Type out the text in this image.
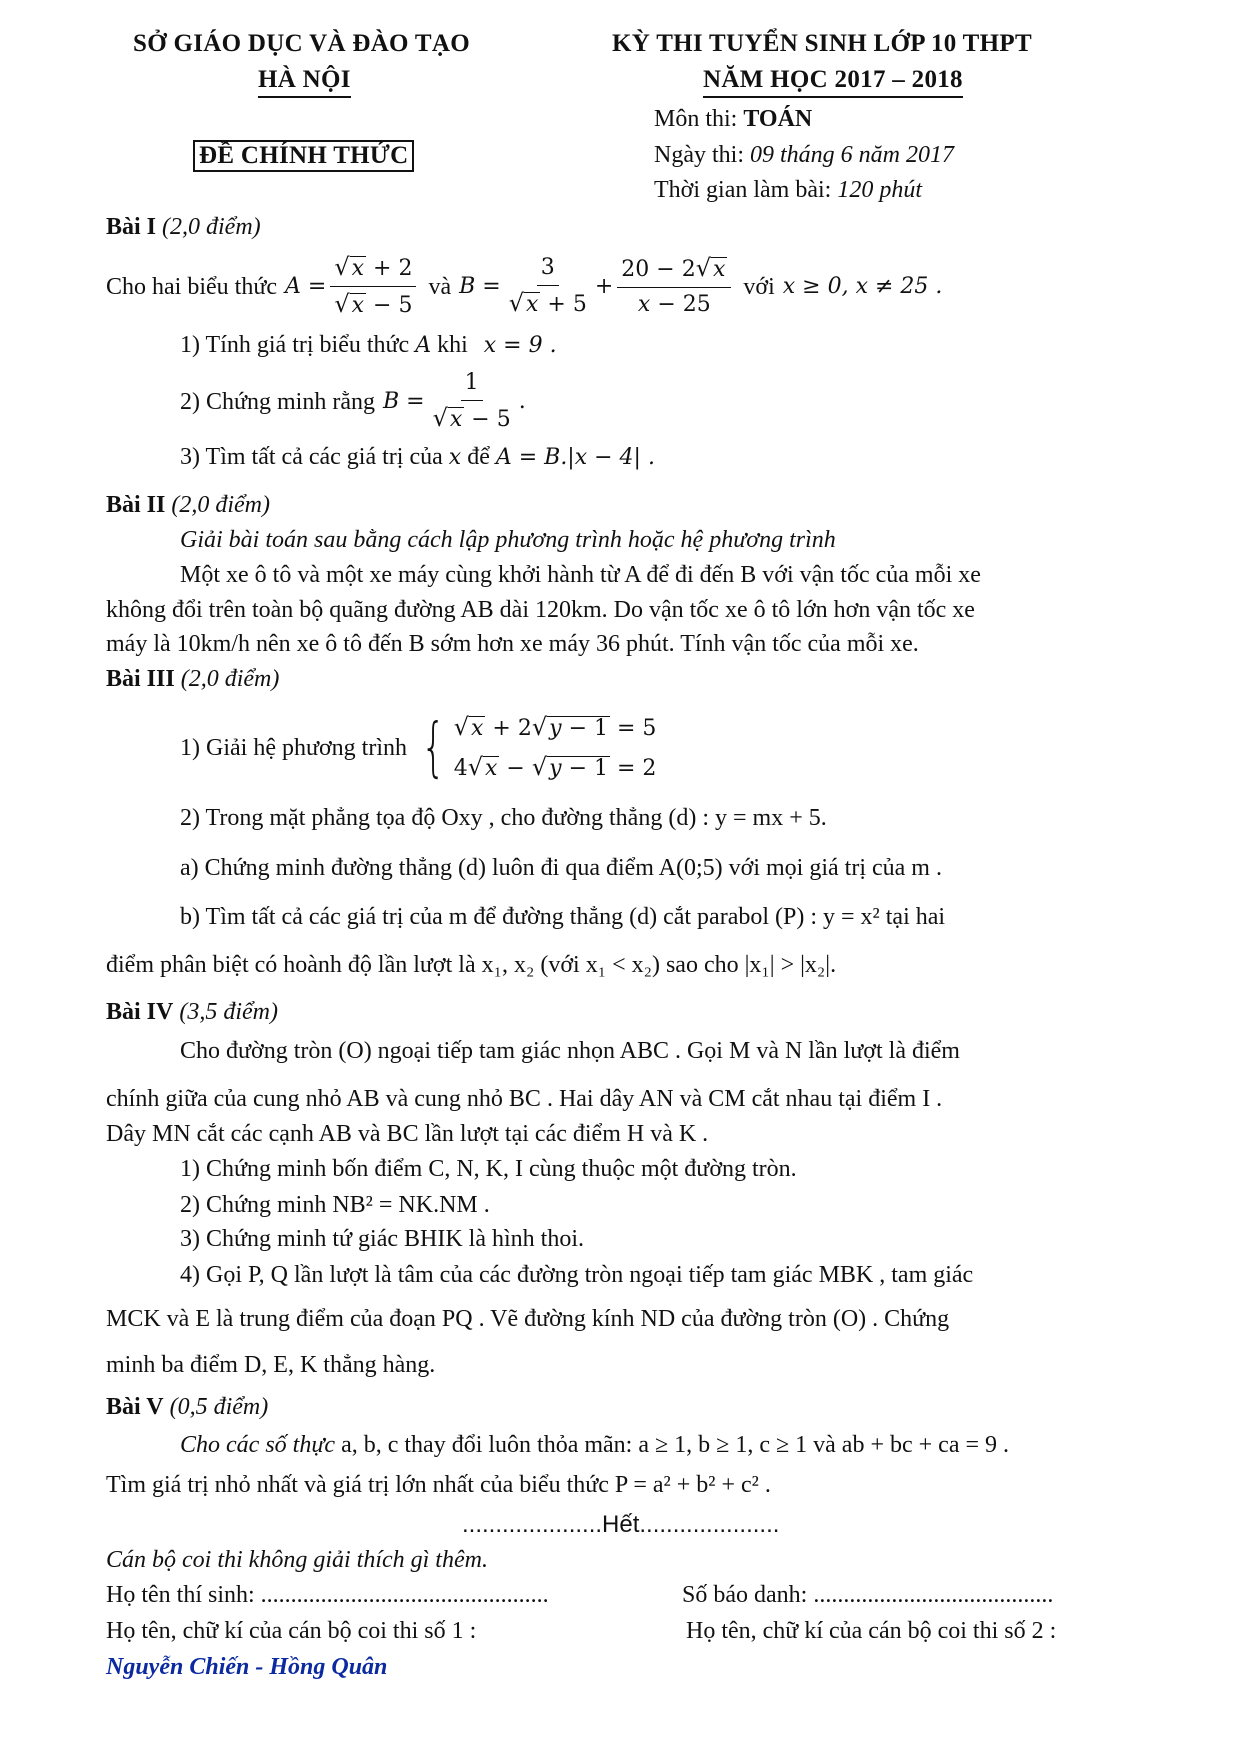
SỞ GIÁO DỤC VÀ ĐÀO TẠO
HÀ NỘI
KỲ THI TUYỂN SINH LỚP 10 THPT
NĂM HỌC 2017 – 2018
ĐỀ CHÍNH THỨC
Môn thi: TOÁN
Ngày thi: 09 tháng 6 năm 2017
Thời gian làm bài: 120 phút
Bài I (2,0 điểm)
Cho hai biểu thức $A = \frac{√x + 2}{√x - 5}$ và $B = \frac{3}{√x + 5} + \frac{20 - 2√x}{x - 25}$ với x ≥ 0, x ≠ 25 .
1) Tính giá trị biểu thức A khi x = 9 .
2) Chứng minh rằng $B = \frac{1}{√x - 5}$ .
3) Tìm tất cả các giá trị của x để A = B.|x − 4| .
Bài II (2,0 điểm)
Giải bài toán sau bằng cách lập phương trình hoặc hệ phương trình
Một xe ô tô và một xe máy cùng khởi hành từ A để đi đến B với vận tốc của mỗi xe
không đổi trên toàn bộ quãng đường AB dài 120km. Do vận tốc xe ô tô lớn hơn vận tốc xe
máy là 10km/h nên xe ô tô đến B sớm hơn xe máy 36 phút. Tính vận tốc của mỗi xe.
Bài III (2,0 điểm)
1) Giải hệ phương trình { √x + 2√y − 1 = 5
4√x − √y − 1 = 2
2) Trong mặt phẳng tọa độ Oxy , cho đường thẳng (d) : y = mx + 5.
a) Chứng minh đường thẳng (d) luôn đi qua điểm A(0;5) với mọi giá trị của m .
b) Tìm tất cả các giá trị của m để đường thẳng (d) cắt parabol (P) : y = x² tại hai
điểm phân biệt có hoành độ lần lượt là x₁, x₂ (với x₁ < x₂) sao cho |x₁| > |x₂|.
Bài IV (3,5 điểm)
Cho đường tròn (O) ngoại tiếp tam giác nhọn ABC . Gọi M và N lần lượt là điểm
chính giữa của cung nhỏ AB và cung nhỏ BC . Hai dây AN và CM cắt nhau tại điểm I .
Dây MN cắt các cạnh AB và BC lần lượt tại các điểm H và K .
1) Chứng minh bốn điểm C, N, K, I cùng thuộc một đường tròn.
2) Chứng minh NB² = NK.NM .
3) Chứng minh tứ giác BHIK là hình thoi.
4) Gọi P, Q lần lượt là tâm của các đường tròn ngoại tiếp tam giác MBK , tam giác
MCK và E là trung điểm của đoạn PQ . Vẽ đường kính ND của đường tròn (O) . Chứng
minh ba điểm D, E, K thẳng hàng.
Bài V (0,5 điểm)
Cho các số thực a, b, c thay đổi luôn thỏa mãn: a ≥ 1, b ≥ 1, c ≥ 1 và ab + bc + ca = 9 .
Tìm giá trị nhỏ nhất và giá trị lớn nhất của biểu thức P = a² + b² + c² .
.....................Hết.....................
Cán bộ coi thi không giải thích gì thêm.
Họ tên thí sinh: ................................................	Số báo danh: ........................................
Họ tên, chữ kí của cán bộ coi thi số 1 :	Họ tên, chữ kí của cán bộ coi thi số 2 :
Nguyễn Chiến - Hồng Quân
